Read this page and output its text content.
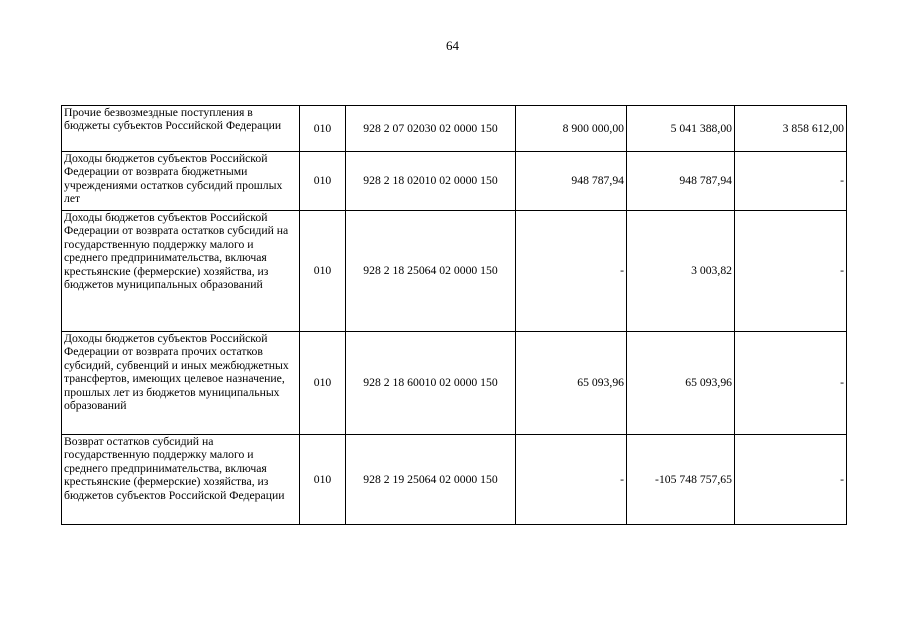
64
Прочие безвозмездные поступления в бюджеты субъектов Российской Федерации	010	928 2 07 02030 02 0000 150	8 900 000,00	5 041 388,00	3 858 612,00
Доходы бюджетов субъектов Российской Федерации от возврата бюджетными учреждениями остатков субсидий прошлых лет	010	928 2 18 02010 02 0000 150	948 787,94	948 787,94	-
Доходы бюджетов субъектов Российской Федерации от возврата остатков субсидий на государственную поддержку малого и среднего предпринимательства, включая крестьянские (фермерские) хозяйства, из бюджетов муниципальных образований	010	928 2 18 25064 02 0000 150	-	3 003,82	-
Доходы бюджетов субъектов Российской Федерации от возврата прочих остатков субсидий, субвенций и иных межбюджетных трансфертов, имеющих целевое назначение, прошлых лет из бюджетов муниципальных образований	010	928 2 18 60010 02 0000 150	65 093,96	65 093,96	-
Возврат остатков субсидий на государственную поддержку малого и среднего предпринимательства, включая крестьянские (фермерские) хозяйства, из бюджетов субъектов Российской Федерации	010	928 2 19 25064 02 0000 150	-	-105 748 757,65	-
